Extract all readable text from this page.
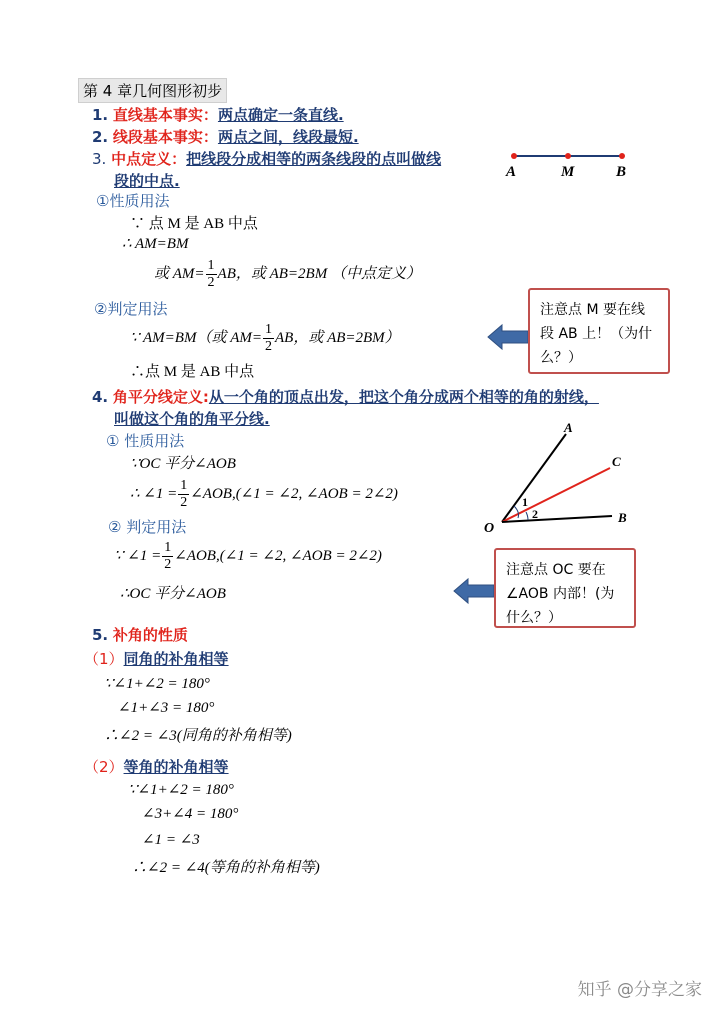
第 4 章几何图形初步
1. 直线基本事实：两点确定一条直线.
2. 线段基本事实：两点之间，线段最短.
3. 中点定义：把线段分成相等的两条线段的点叫做线
段的中点.	A	M	B
①性质用法
∵ 点 M 是 AB 中点
∴ AM=BM
或 $AM= \frac{1}{2}$ AB，或 AB=2BM （中点定义）
②判定用法
∵ AM=BM（或 $AM= \frac{1}{2}$ AB，或 AB=2BM）
∴点 M 是 AB 中点
注意点 M 要在线段 AB 上！（为什么？）
4. 角平分线定义:从一个角的顶点出发，把这个角分成两个相等的角的射线，
叫做这个角的角平分线.
① 性质用法
∵OC 平分∠AOB
∴ ∠1 = $\frac{1}{2}$ ∠AOB,(∠1 = ∠2, ∠AOB = 2∠2)
② 判定用法
∵ ∠1 = $\frac{1}{2}$ ∠AOB,(∠1 = ∠2, ∠AOB = 2∠2)
∴OC 平分∠AOB
A
C
O
B
1
2
注意点 OC 要在∠AOB 内部！(为什么？）
5. 补角的性质
（1）同角的补角相等
∵∠1+∠2 = 180°
∠1+∠3 = 180°
∴∠2 = ∠3(同角的补角相等)
（2）等角的补角相等
∵∠1+∠2 = 180°
∠3+∠4 = 180°
∠1 = ∠3
∴∠2 = ∠4(等角的补角相等)
知乎 @分享之家
